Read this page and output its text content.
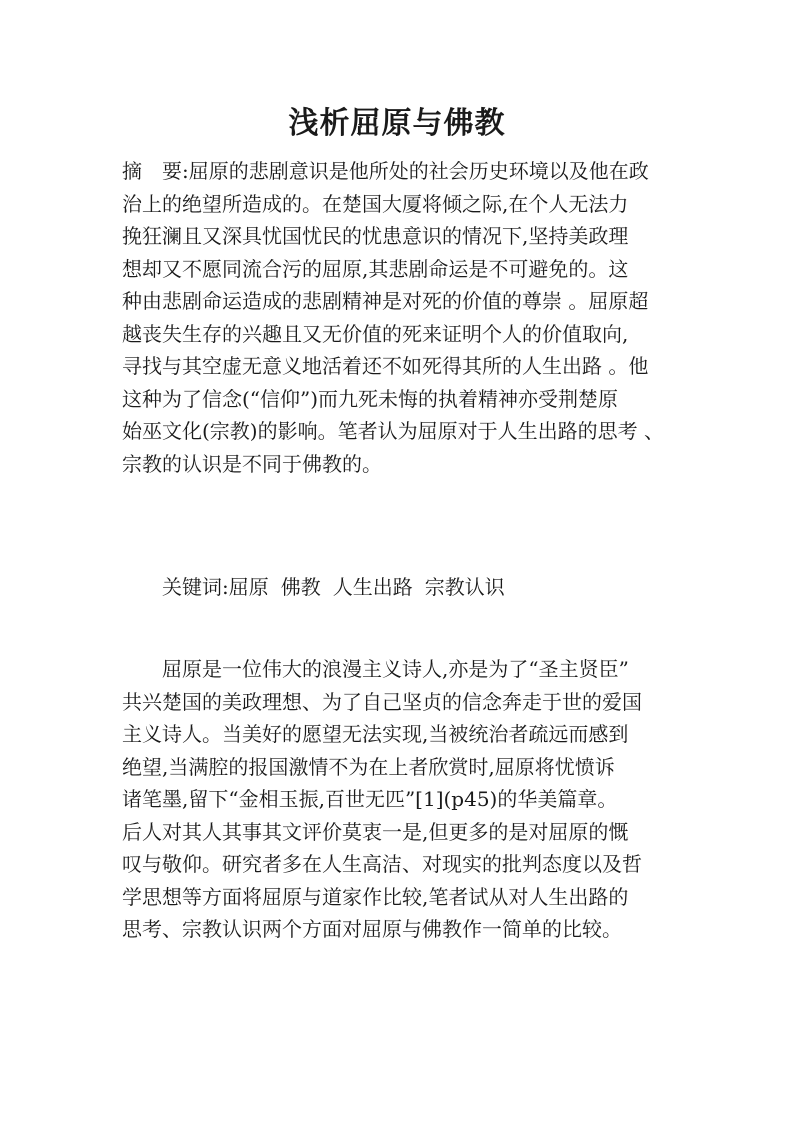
浅析屈原与佛教
摘　要:屈原的悲剧意识是他所处的社会历史环境以及他在政
治上的绝望所造成的。在楚国大厦将倾之际,在个人无法力
挽狂澜且又深具忧国忧民的忧患意识的情况下,坚持美政理
想却又不愿同流合污的屈原,其悲剧命运是不可避免的。这
种由悲剧命运造成的悲剧精神是对死的价值的尊崇 。屈原超
越丧失生存的兴趣且又无价值的死来证明个人的价值取向,
寻找与其空虚无意义地活着还不如死得其所的人生出路 。他
这种为了信念(“信仰”)而九死未悔的执着精神亦受荆楚原
始巫文化(宗教)的影响。笔者认为屈原对于人生出路的思考 、
宗教的认识是不同于佛教的。
关键词:屈原 佛教 人生出路 宗教认识
屈原是一位伟大的浪漫主义诗人,亦是为了“圣主贤臣”
共兴楚国的美政理想、为了自己坚贞的信念奔走于世的爱国
主义诗人。当美好的愿望无法实现,当被统治者疏远而感到
绝望,当满腔的报国激情不为在上者欣赏时,屈原将忧愤诉
诸笔墨,留下“金相玉振,百世无匹”[1](p45)的华美篇章。
后人对其人其事其文评价莫衷一是,但更多的是对屈原的慨
叹与敬仰。研究者多在人生高洁、对现实的批判态度以及哲
学思想等方面将屈原与道家作比较,笔者试从对人生出路的
思考、宗教认识两个方面对屈原与佛教作一简单的比较。
